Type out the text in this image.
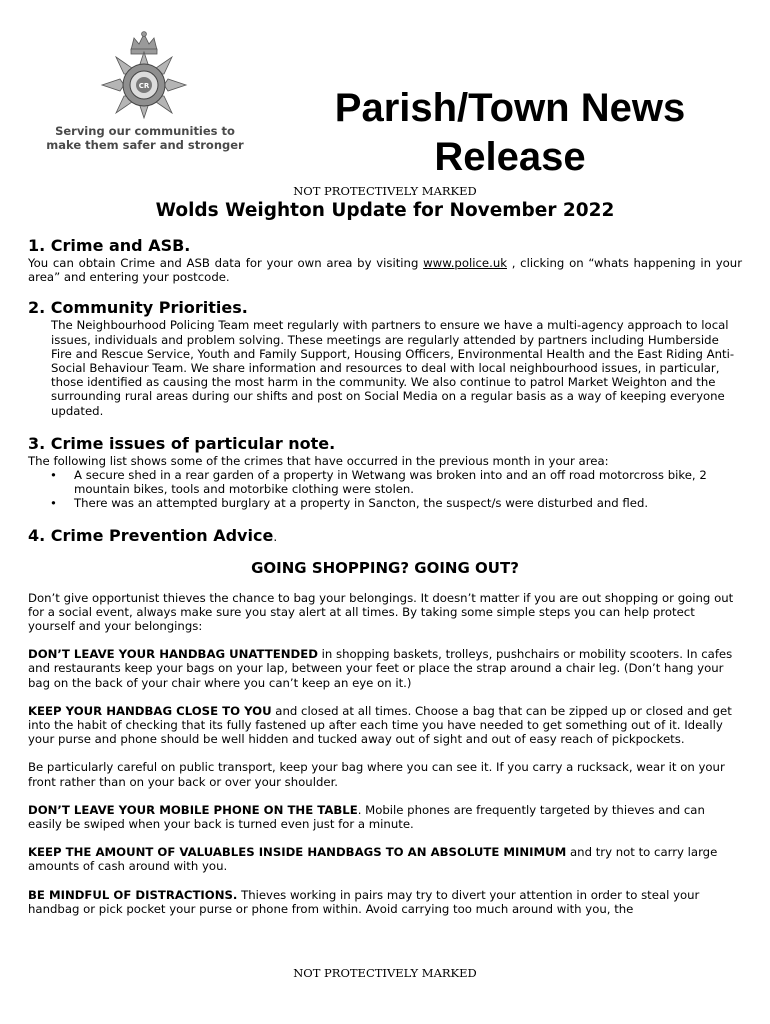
CR
Serving our communities to make them safer and stronger
Parish/Town News Release
NOT PROTECTIVELY MARKED
Wolds Weighton Update for November 2022
1. Crime and ASB.

You can obtain Crime and ASB data for your own area by visiting www.police.uk , clicking on “whats happening in your area” and entering your postcode.

2. Community Priorities.

The Neighbourhood Policing Team meet regularly with partners to ensure we have a multi-agency approach to local issues, individuals and problem solving. These meetings are regularly attended by partners including Humberside Fire and Rescue Service, Youth and Family Support, Housing Officers, Environmental Health and the East Riding Anti-Social Behaviour Team. We share information and resources to deal with local neighbourhood issues, in particular, those identified as causing the most harm in the community. We also continue to patrol Market Weighton and the surrounding rural areas during our shifts and post on Social Media on a regular basis as a way of keeping everyone updated.

3. Crime issues of particular note.

The following list shows some of the crimes that have occurred in the previous month in your area:

• A secure shed in a rear garden of a property in Wetwang was broken into and an off road motorcross bike, 2 mountain bikes, tools and motorbike clothing were stolen.
• There was an attempted burglary at a property in Sancton, the suspect/s were disturbed and fled.
4. Crime Prevention Advice.

GOING SHOPPING? GOING OUT?

Don’t give opportunist thieves the chance to bag your belongings. It doesn’t matter if you are out shopping or going out for a social event, always make sure you stay alert at all times. By taking some simple steps you can help protect yourself and your belongings:

DON’T LEAVE YOUR HANDBAG UNATTENDED in shopping baskets, trolleys, pushchairs or mobility scooters. In cafes and restaurants keep your bags on your lap, between your feet or place the strap around a chair leg. (Don’t hang your bag on the back of your chair where you can’t keep an eye on it.)

KEEP YOUR HANDBAG CLOSE TO YOU and closed at all times. Choose a bag that can be zipped up or closed and get into the habit of checking that its fully fastened up after each time you have needed to get something out of it. Ideally your purse and phone should be well hidden and tucked away out of sight and out of easy reach of pickpockets.

Be particularly careful on public transport, keep your bag where you can see it. If you carry a rucksack, wear it on your front rather than on your back or over your shoulder.

DON’T LEAVE YOUR MOBILE PHONE ON THE TABLE. Mobile phones are frequently targeted by thieves and can easily be swiped when your back is turned even just for a minute.

KEEP THE AMOUNT OF VALUABLES INSIDE HANDBAGS TO AN ABSOLUTE MINIMUM and try not to carry large amounts of cash around with you.

BE MINDFUL OF DISTRACTIONS. Thieves working in pairs may try to divert your attention in order to steal your handbag or pick pocket your purse or phone from within. Avoid carrying too much around with you, the

NOT PROTECTIVELY MARKED
